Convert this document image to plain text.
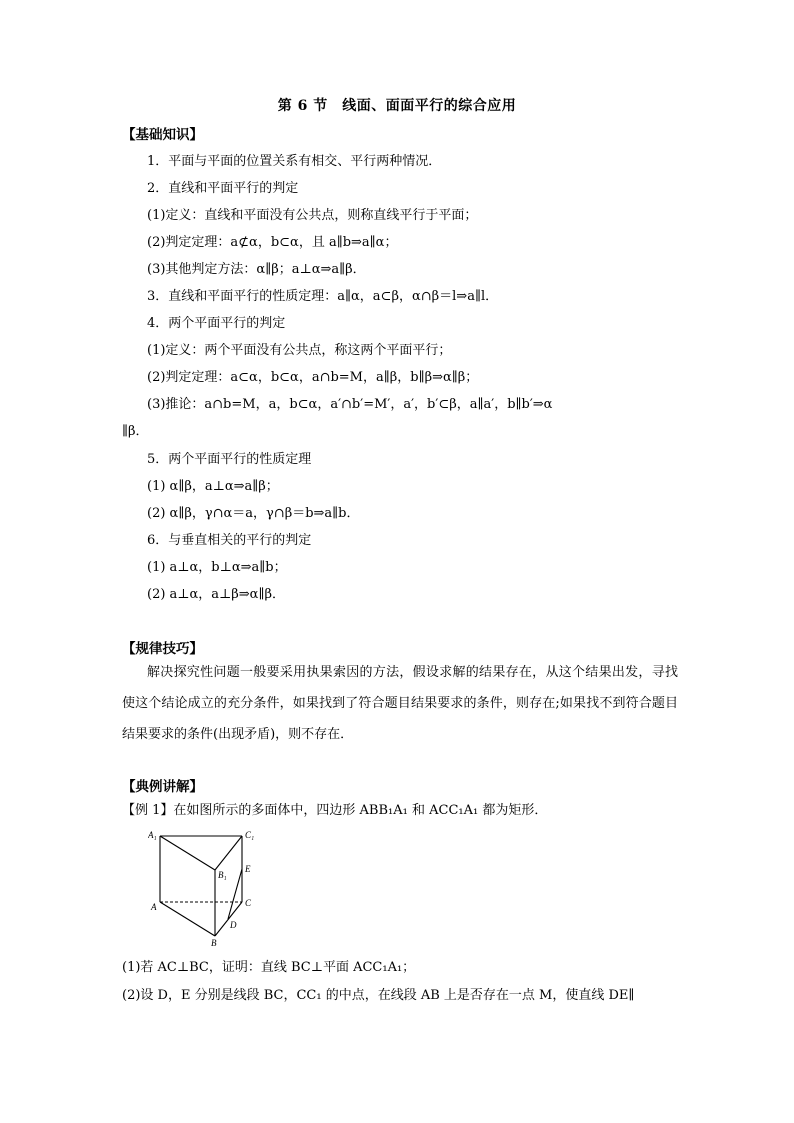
第 6 节　线面、面面平行的综合应用
【基础知识】
1．平面与平面的位置关系有相交、平行两种情况．
2．直线和平面平行的判定
(1)定义：直线和平面没有公共点，则称直线平行于平面；
(2)判定定理：a⊄α，b⊂α，且 a∥b⇒a∥α；
(3)其他判定方法：α∥β；a⊥α⇒a∥β．
3．直线和平面平行的性质定理：a∥α，a⊂β，α∩β＝l⇒a∥l．
4．两个平面平行的判定
(1)定义：两个平面没有公共点，称这两个平面平行；
(2)判定定理：a⊂α，b⊂α，a∩b=M，a∥β，b∥β⇒α∥β；
(3)推论：a∩b=M，a，b⊂α，a′∩b′=M′，a′，b′⊂β，a∥a′，b∥b′⇒α
∥β．
5．两个平面平行的性质定理
(1) α∥β，a⊥α⇒a∥β；
(2) α∥β，γ∩α＝a，γ∩β＝b⇒a∥b．
6．与垂直相关的平行的判定
(1) a⊥α，b⊥α⇒a∥b；
(2) a⊥α，a⊥β⇒α∥β．
【规律技巧】
解决探究性问题一般要采用执果索因的方法，假设求解的结果存在，从这个结果出发，寻找使这个结论成立的充分条件，如果找到了符合题目结果要求的条件，则存在;如果找不到符合题目结果要求的条件(出现矛盾)，则不存在．
【典例讲解】
【例 1】在如图所示的多面体中，四边形 ABB₁A₁ 和 ACC₁A₁ 都为矩形．
A₁	C₁
B₁
E
A	C
D
B
(1)若 AC⊥BC，证明：直线 BC⊥平面 ACC₁A₁；
(2)设 D，E 分别是线段 BC，CC₁ 的中点，在线段 AB 上是否存在一点 M，使直线 DE∥
